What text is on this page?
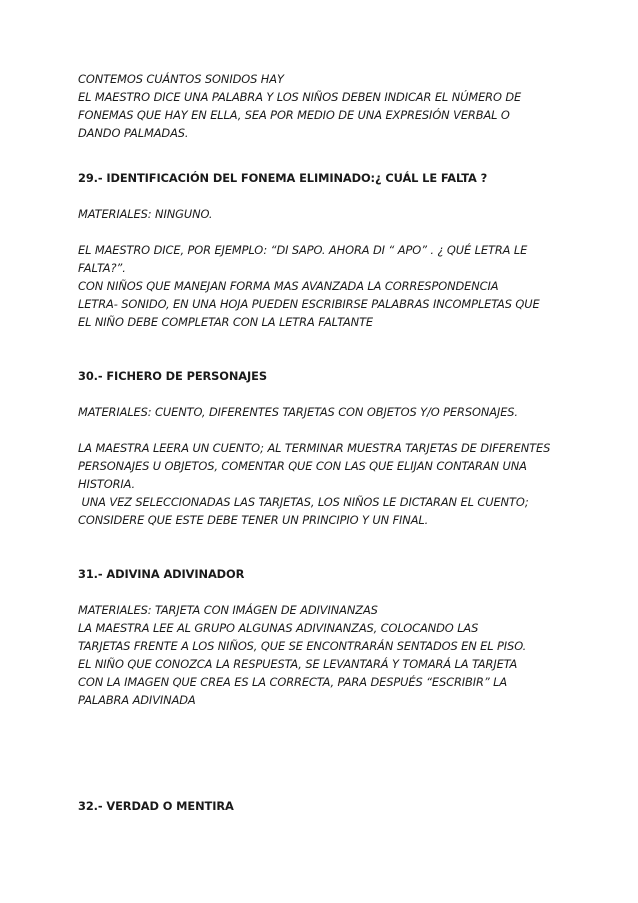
CONTEMOS CUÁNTOS SONIDOS HAY
EL MAESTRO DICE UNA PALABRA Y LOS NIÑOS DEBEN INDICAR EL NÚMERO DE
FONEMAS QUE HAY EN ELLA, SEA POR MEDIO DE UNA EXPRESIÓN VERBAL O
DANDO PALMADAS.
29.- IDENTIFICACIÓN DEL FONEMA ELIMINADO:¿ CUÁL LE FALTA ?
MATERIALES: NINGUNO.
EL MAESTRO DICE, POR EJEMPLO: “DI SAPO. AHORA DI “ APO” . ¿ QUÉ LETRA LE
FALTA?”.
CON NIÑOS QUE MANEJAN FORMA MAS AVANZADA LA CORRESPONDENCIA
LETRA- SONIDO, EN UNA HOJA PUEDEN ESCRIBIRSE PALABRAS INCOMPLETAS QUE
EL NIÑO DEBE COMPLETAR CON LA LETRA FALTANTE
30.- FICHERO DE PERSONAJES
MATERIALES: CUENTO, DIFERENTES TARJETAS CON OBJETOS Y/O PERSONAJES.
LA MAESTRA LEERA UN CUENTO; AL TERMINAR MUESTRA TARJETAS DE DIFERENTES
PERSONAJES U OBJETOS, COMENTAR QUE CON LAS QUE ELIJAN CONTARAN UNA
HISTORIA.
UNA VEZ SELECCIONADAS LAS TARJETAS, LOS NIÑOS LE DICTARAN EL CUENTO;
CONSIDERE QUE ESTE DEBE TENER UN PRINCIPIO Y UN FINAL.
31.- ADIVINA ADIVINADOR
MATERIALES: TARJETA CON IMÁGEN DE ADIVINANZAS
LA MAESTRA LEE AL GRUPO ALGUNAS ADIVINANZAS, COLOCANDO LAS
TARJETAS FRENTE A LOS NIÑOS, QUE SE ENCONTRARÁN SENTADOS EN EL PISO.
EL NIÑO QUE CONOZCA LA RESPUESTA, SE LEVANTARÁ Y TOMARÁ LA TARJETA
CON LA IMAGEN QUE CREA ES LA CORRECTA, PARA DESPUÉS “ESCRIBIR” LA
PALABRA ADIVINADA
32.- VERDAD O MENTIRA
